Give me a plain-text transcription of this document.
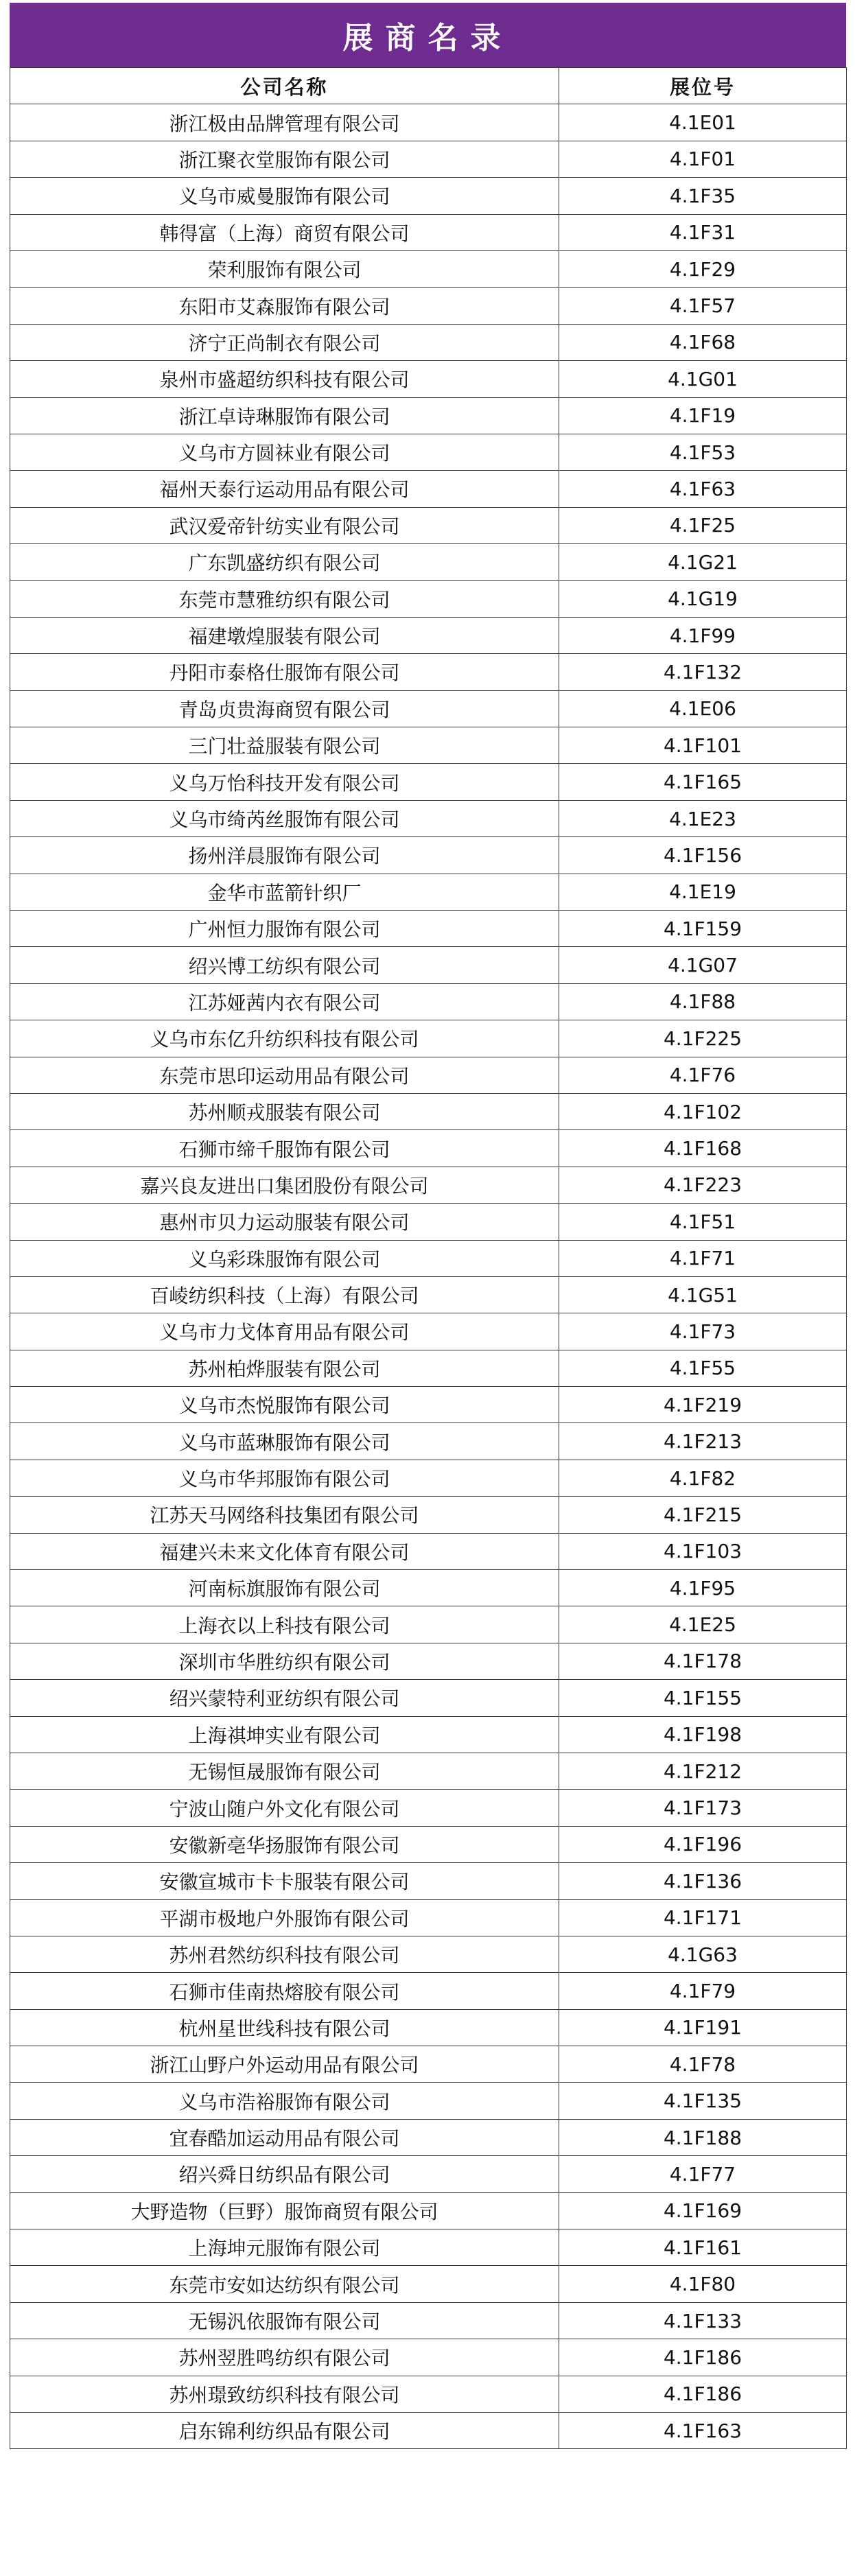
展商名录
公司名称	展位号
浙江极由品牌管理有限公司	4.1E01
浙江聚衣堂服饰有限公司	4.1F01
义乌市威曼服饰有限公司	4.1F35
韩得富（上海）商贸有限公司	4.1F31
荣利服饰有限公司	4.1F29
东阳市艾森服饰有限公司	4.1F57
济宁正尚制衣有限公司	4.1F68
泉州市盛超纺织科技有限公司	4.1G01
浙江卓诗琳服饰有限公司	4.1F19
义乌市方圆袜业有限公司	4.1F53
福州天泰行运动用品有限公司	4.1F63
武汉爱帝针纺实业有限公司	4.1F25
广东凯盛纺织有限公司	4.1G21
东莞市慧雅纺织有限公司	4.1G19
福建墩煌服装有限公司	4.1F99
丹阳市泰格仕服饰有限公司	4.1F132
青岛贞贵海商贸有限公司	4.1E06
三门壮益服装有限公司	4.1F101
义乌万怡科技开发有限公司	4.1F165
义乌市绮芮丝服饰有限公司	4.1E23
扬州洋晨服饰有限公司	4.1F156
金华市蓝箭针织厂	4.1E19
广州恒力服饰有限公司	4.1F159
绍兴博工纺织有限公司	4.1G07
江苏娅茜内衣有限公司	4.1F88
义乌市东亿升纺织科技有限公司	4.1F225
东莞市思印运动用品有限公司	4.1F76
苏州顺戎服装有限公司	4.1F102
石狮市缔千服饰有限公司	4.1F168
嘉兴良友进出口集团股份有限公司	4.1F223
惠州市贝力运动服装有限公司	4.1F51
义乌彩珠服饰有限公司	4.1F71
百崚纺织科技（上海）有限公司	4.1G51
义乌市力戈体育用品有限公司	4.1F73
苏州柏烨服装有限公司	4.1F55
义乌市杰悦服饰有限公司	4.1F219
义乌市蓝琳服饰有限公司	4.1F213
义乌市华邦服饰有限公司	4.1F82
江苏天马网络科技集团有限公司	4.1F215
福建兴未来文化体育有限公司	4.1F103
河南标旗服饰有限公司	4.1F95
上海衣以上科技有限公司	4.1E25
深圳市华胜纺织有限公司	4.1F178
绍兴蒙特利亚纺织有限公司	4.1F155
上海祺坤实业有限公司	4.1F198
无锡恒晟服饰有限公司	4.1F212
宁波山随户外文化有限公司	4.1F173
安徽新亳华扬服饰有限公司	4.1F196
安徽宣城市卡卡服装有限公司	4.1F136
平湖市极地户外服饰有限公司	4.1F171
苏州君然纺织科技有限公司	4.1G63
石狮市佳南热熔胶有限公司	4.1F79
杭州星世线科技有限公司	4.1F191
浙江山野户外运动用品有限公司	4.1F78
义乌市浩裕服饰有限公司	4.1F135
宜春酷加运动用品有限公司	4.1F188
绍兴舜日纺织品有限公司	4.1F77
大野造物（巨野）服饰商贸有限公司	4.1F169
上海坤元服饰有限公司	4.1F161
东莞市安如达纺织有限公司	4.1F80
无锡汎依服饰有限公司	4.1F133
苏州翌胜鸣纺织有限公司	4.1F186
苏州璟致纺织科技有限公司	4.1F186
启东锦利纺织品有限公司	4.1F163
